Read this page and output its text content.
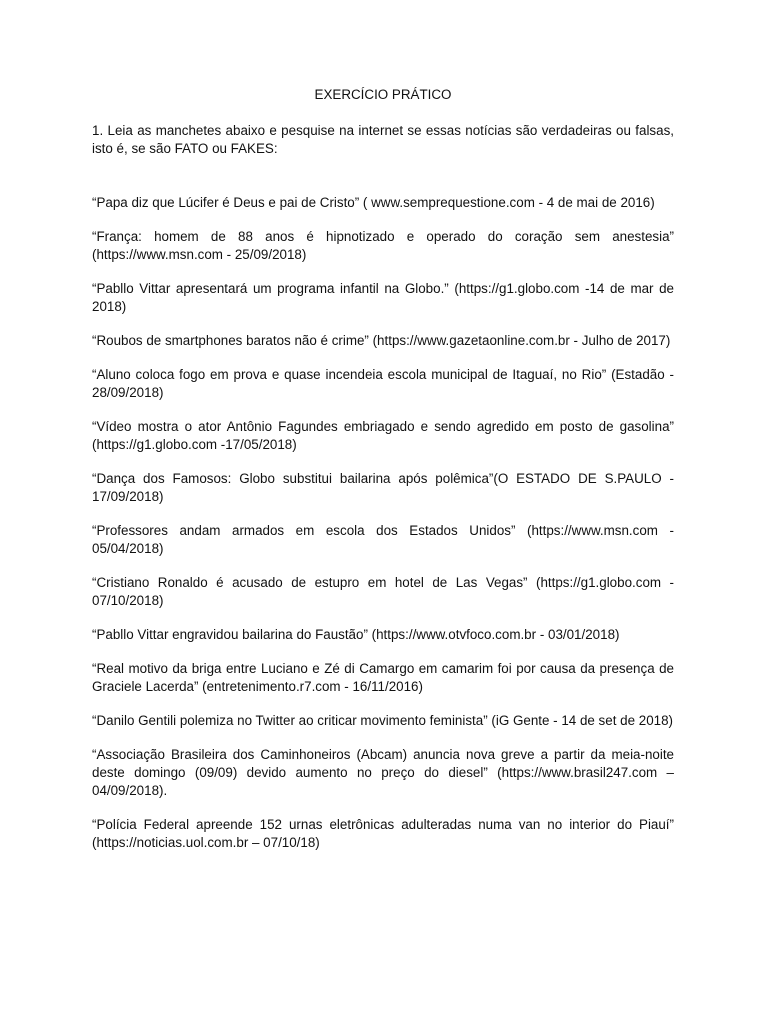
EXERCÍCIO PRÁTICO
1. Leia as manchetes abaixo e pesquise na internet se essas notícias são verdadeiras ou falsas, isto é, se são FATO ou FAKES:

“Papa diz que Lúcifer é Deus e pai de Cristo” ( www.semprequestione.com - 4 de mai de 2016)

“França: homem de 88 anos é hipnotizado e operado do coração sem anestesia” (https://www.msn.com - 25/09/2018)

“Pabllo Vittar apresentará um programa infantil na Globo.” (https://g1.globo.com -14 de mar de 2018)

“Roubos de smartphones baratos não é crime” (https://www.gazetaonline.com.br - Julho de 2017)

“Aluno coloca fogo em prova e quase incendeia escola municipal de Itaguaí, no Rio” (Estadão - 28/09/2018)

“Vídeo mostra o ator Antônio Fagundes embriagado e sendo agredido em posto de gasolina” (https://g1.globo.com -17/05/2018)

“Dança dos Famosos: Globo substitui bailarina após polêmica”(O ESTADO DE S.PAULO - 17/09/2018)

“Professores andam armados em escola dos Estados Unidos” (https://www.msn.com - 05/04/2018)

“Cristiano Ronaldo é acusado de estupro em hotel de Las Vegas” (https://g1.globo.com - 07/10/2018)

“Pabllo Vittar engravidou bailarina do Faustão” (https://www.otvfoco.com.br - 03/01/2018)

“Real motivo da briga entre Luciano e Zé di Camargo em camarim foi por causa da presença de Graciele Lacerda” (entretenimento.r7.com - 16/11/2016)

“Danilo Gentili polemiza no Twitter ao criticar movimento feminista” (iG Gente - 14 de set de 2018)

“Associação Brasileira dos Caminhoneiros (Abcam) anuncia nova greve a partir da meia-noite deste domingo (09/09) devido aumento no preço do diesel” (https://www.brasil247.com – 04/09/2018).

“Polícia Federal apreende 152 urnas eletrônicas adulteradas numa van no interior do Piauí” (https://noticias.uol.com.br – 07/10/18)
